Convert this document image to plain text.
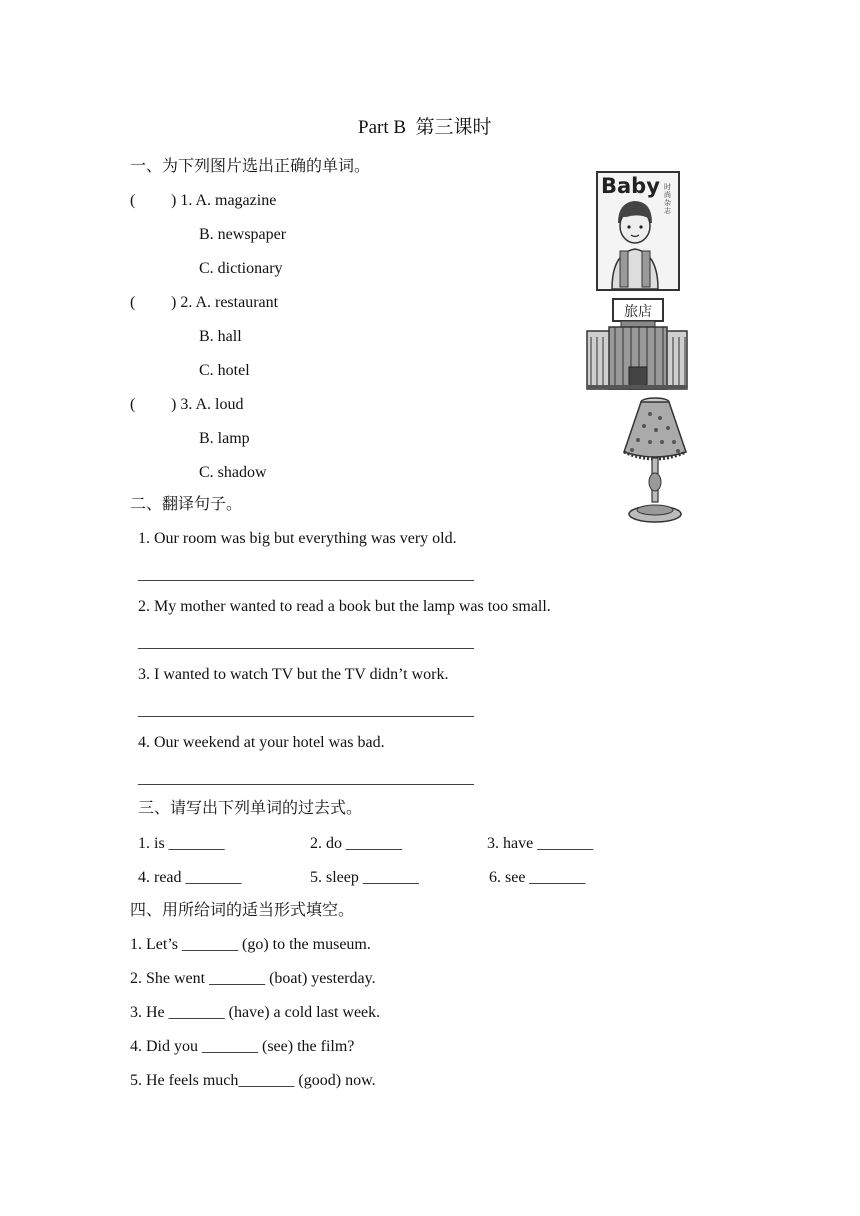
Part B  第三课时
一、为下列图片选出正确的单词。
( ) 1. A. magazine
B. newspaper
C. dictionary
( ) 2. A. restaurant
B. hall
C. hotel
( ) 3. A. loud
B. lamp
C. shadow
Baby 时
尚
杂
志
旅店
二、翻译句子。
1. Our room was big but everything was very old.
__________________________________________
2. My mother wanted to read a book but the lamp was too small.
__________________________________________
3. I wanted to watch TV but the TV didn’t work.
__________________________________________
4. Our weekend at your hotel was bad.
__________________________________________
三、请写出下列单词的过去式。
1. is _______	2. do _______	3. have _______
4. read _______	5. sleep _______	6. see _______
四、用所给词的适当形式填空。
1. Let’s _______ (go) to the museum.
2. She went _______ (boat) yesterday.
3. He _______ (have) a cold last week.
4. Did you _______ (see) the film?
5. He feels much_______ (good) now.
